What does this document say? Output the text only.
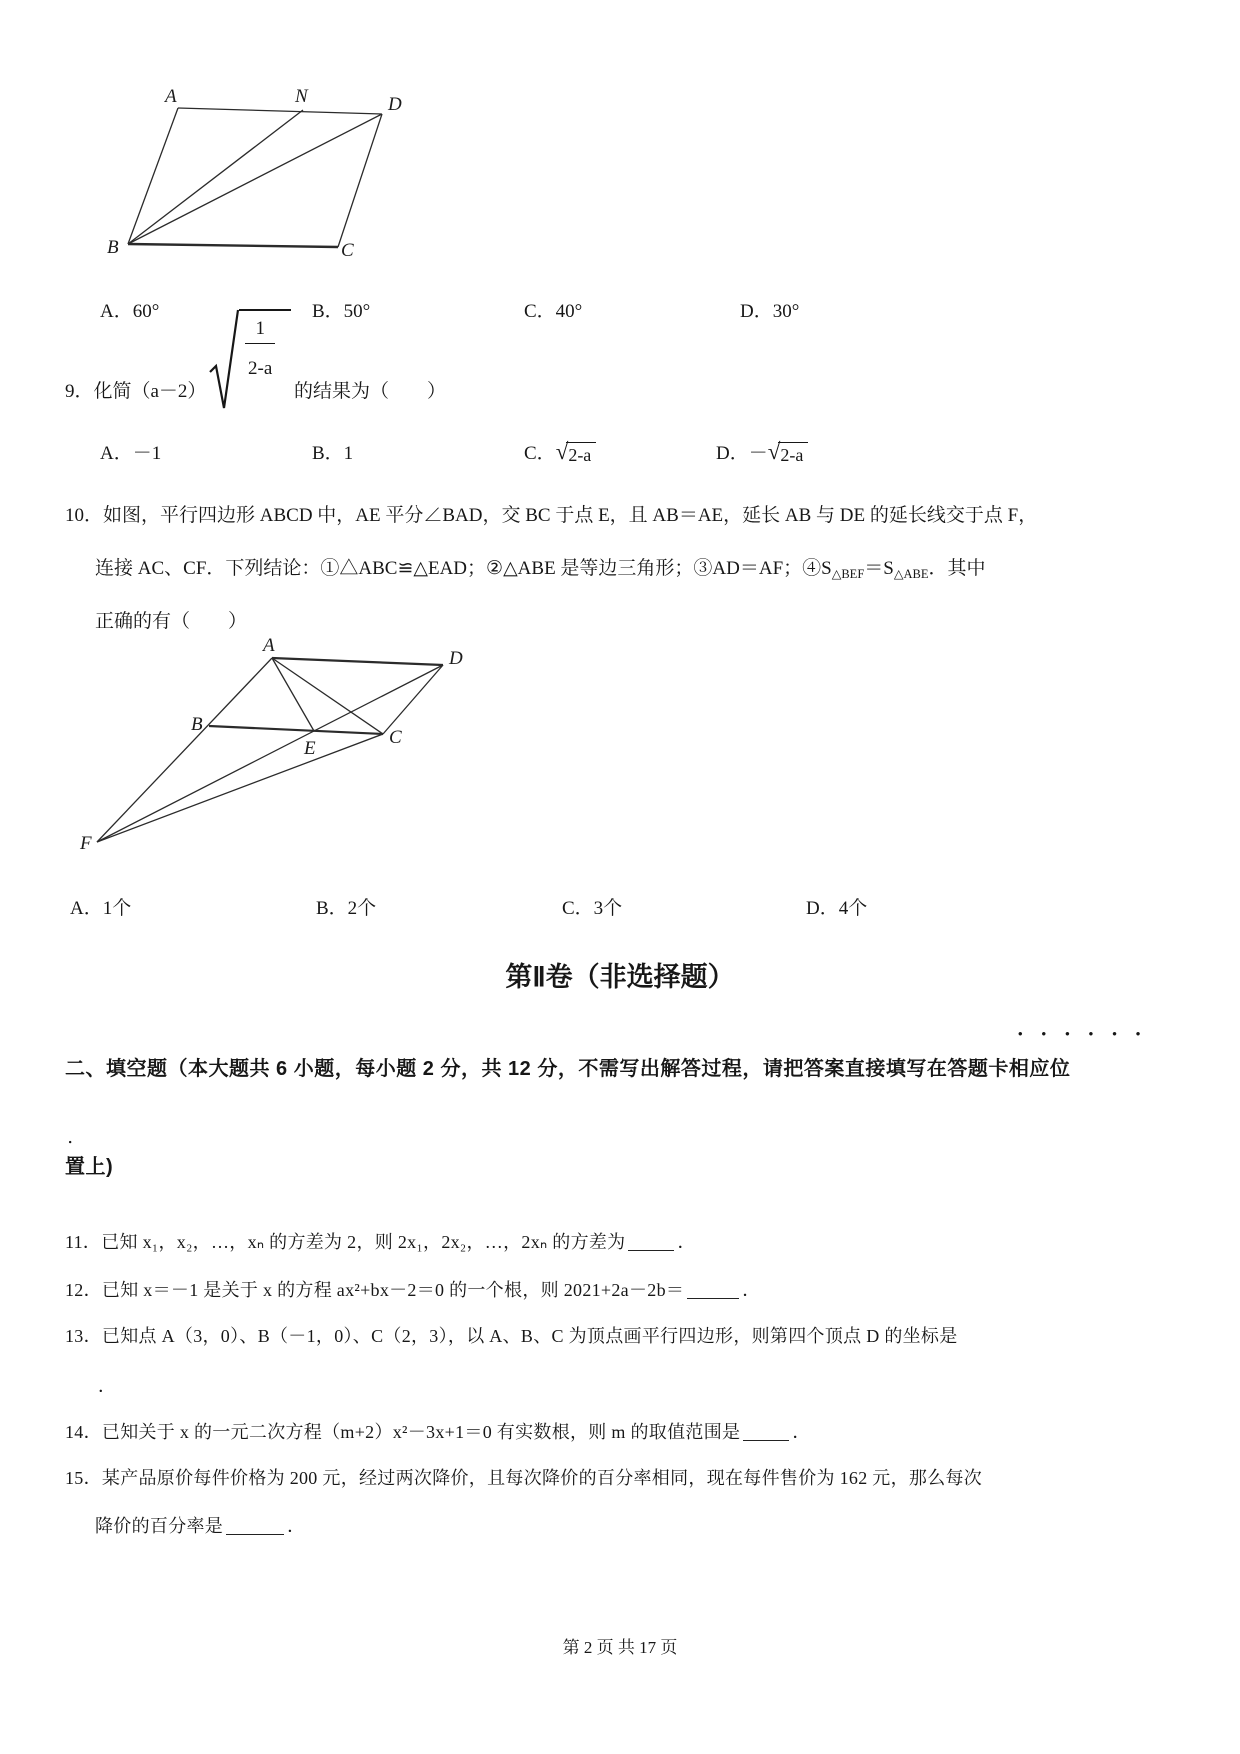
A	N	D
B	C
A．60°	B．50°	C．40°	D．30°
9．化简（a－2）
$\frac{1}{2-a}$
的结果为（　　）
A．－1	B．1	C． √ 2-a	D．－ √ 2-a
10．如图，平行四边形 ABCD 中，AE 平分∠BAD，交 BC 于点 E，且 AB＝AE，延长 AB 与 DE 的延长线交于点 F，
连接 AC、CF．下列结论：①△ABC≌△EAD；②△ABE 是等边三角形；③AD＝AF；$④S_{\triangle BEF}=S_{\triangle ABE}$．其中
正确的有（　　）
A
D
B
E
C
F
A．1个	B．2个	C．3个	D．4个
第Ⅱ卷（非选择题）
••••••
二、填空题（本大题共 6 小题，每小题 2 分，共 12 分，不需写出解答过程，请把答案直接填写在答题卡相应位
．
置上)
11．已知 x₁，x₂，…，xₙ 的方差为 2，则 2x₁，2x₂，…，2xₙ 的方差为	．
12．已知 x＝－1 是关于 x 的方程 ax²+bx－2＝0 的一个根，则 2021+2a－2b＝	．
13．已知点 A（3，0）、B（－1，0）、C（2，3），以 A、B、C 为顶点画平行四边形，则第四个顶点 D 的坐标是
．
14．已知关于 x 的一元二次方程（m+2）x²－3x+1＝0 有实数根，则 m 的取值范围是	．
15．某产品原价每件价格为 200 元，经过两次降价，且每次降价的百分率相同，现在每件售价为 162 元，那么每次
降价的百分率是	．
第 2 页 共 17 页
